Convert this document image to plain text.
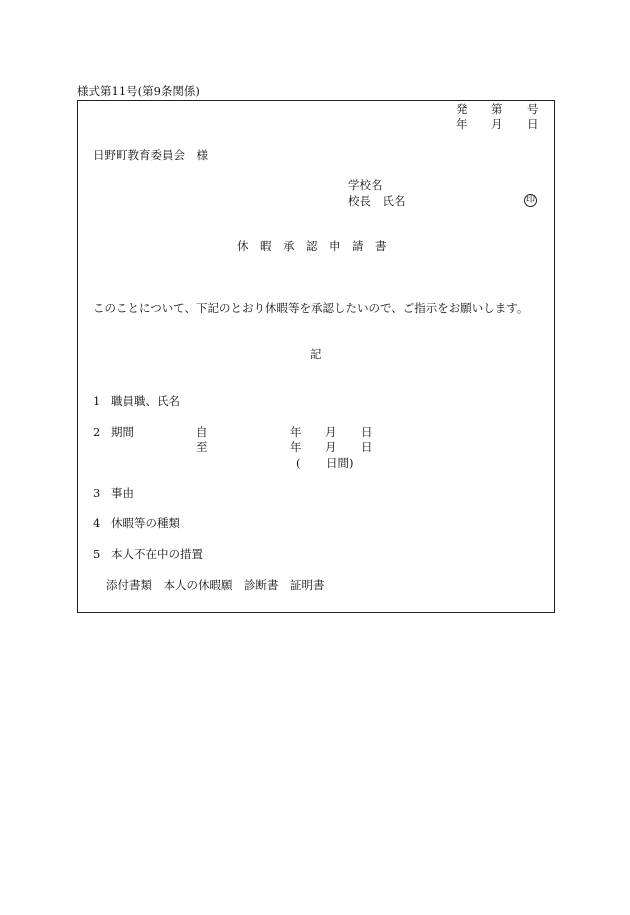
様式第11号(第9条関係)
発 第 号
年 月 日
日野町教育委員会　様
学校名
校長　氏名	印
休　暇　承　認　申　請　書
このことについて、下記のとおり休暇等を承認したいので、ご指示をお願いします。
記
1 職員職、氏名
2 期間	自	年 月 日
至	年 月 日
( 日間)
3 事由
4 休暇等の種類
5 本人不在中の措置
添付書類　本人の休暇願　診断書　証明書
